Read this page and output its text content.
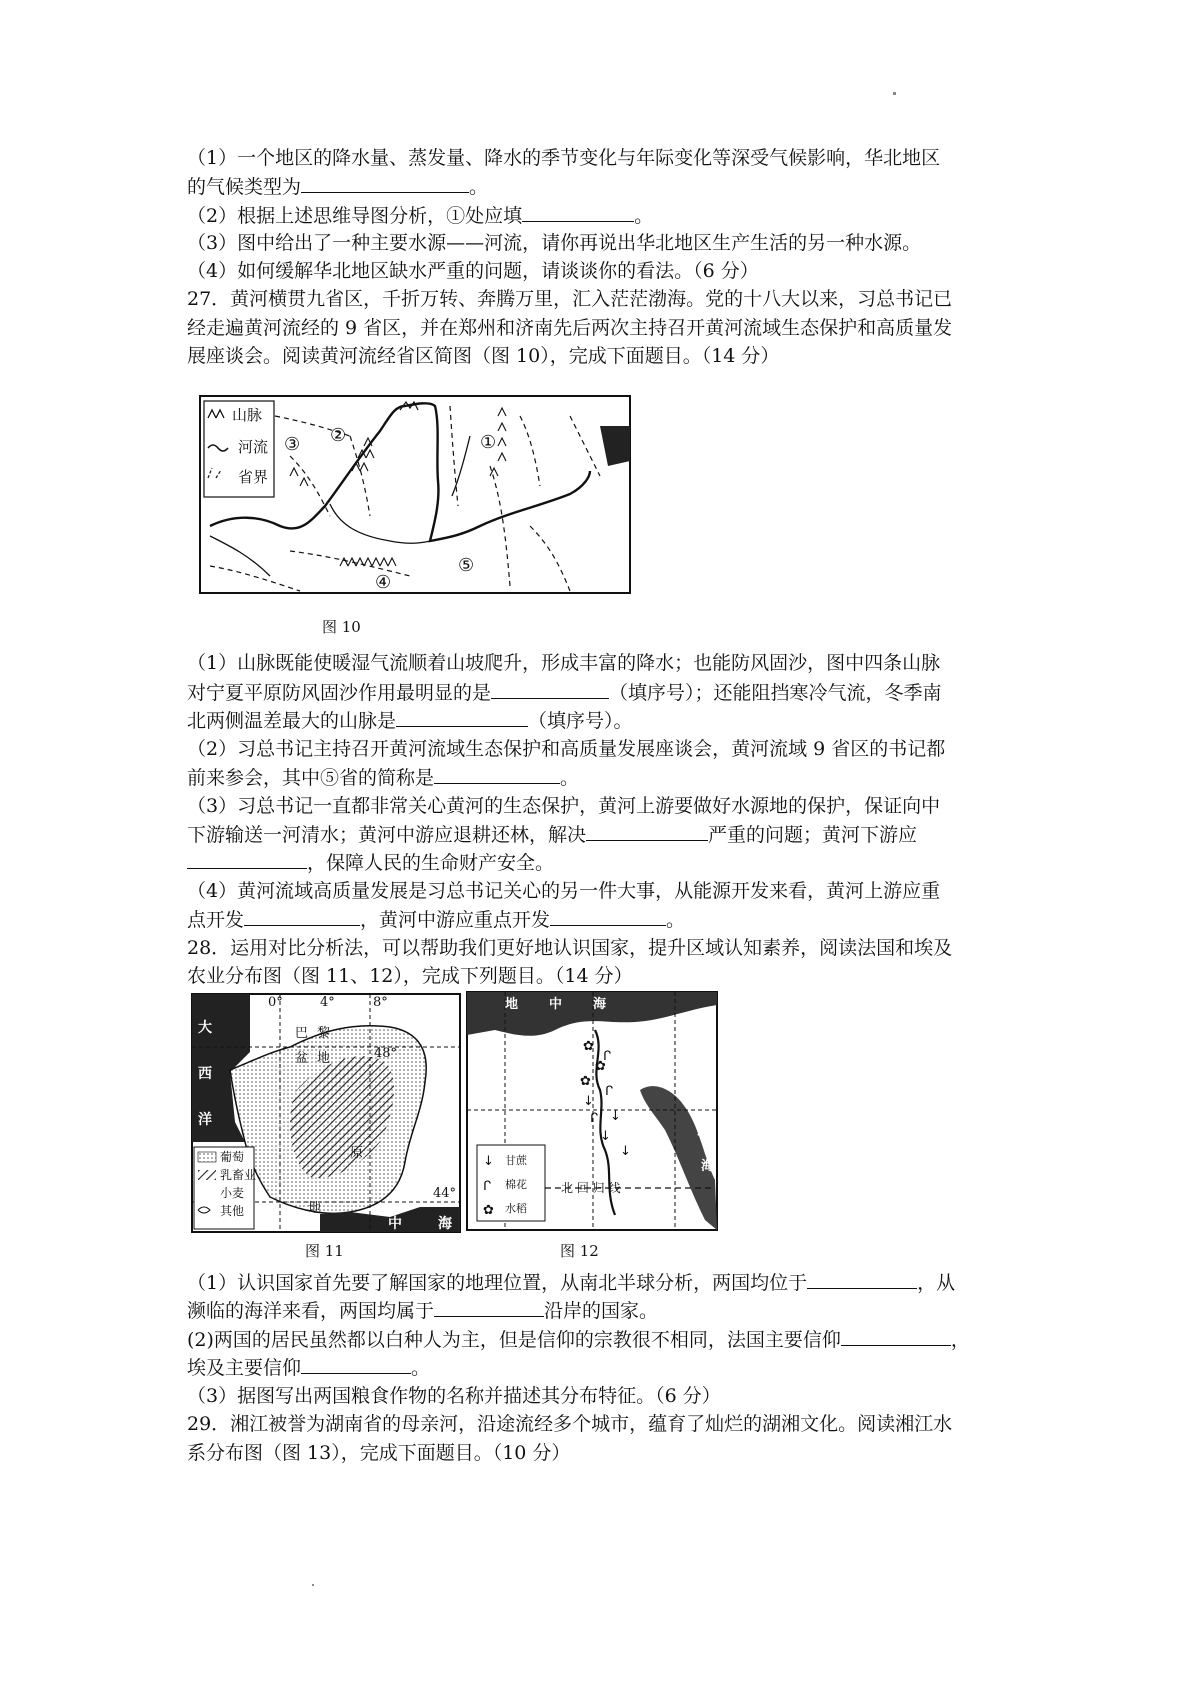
（1）一个地区的降水量、蒸发量、降水的季节变化与年际变化等深受气候影响，华北地区
的气候类型为	。
（2）根据上述思维导图分析，①处应填	。
（3）图中给出了一种主要水源——河流，请你再说出华北地区生产生活的另一种水源。
（4）如何缓解华北地区缺水严重的问题，请谈谈你的看法。（6 分）
27．黄河横贯九省区，千折万转、奔腾万里，汇入茫茫渤海。党的十八大以来，习总书记已
经走遍黄河流经的 9 省区，并在郑州和济南先后两次主持召开黄河流域生态保护和高质量发
展座谈会。阅读黄河流经省区简图（图 10），完成下面题目。（14 分）
①
②
③
④
⑤
山脉
河流
省界
图 10
（1）山脉既能使暖湿气流顺着山坡爬升，形成丰富的降水；也能防风固沙，图中四条山脉
对宁夏平原防风固沙作用最明显的是	（填序号）；还能阻挡寒冷气流，冬季南
北两侧温差最大的山脉是	（填序号）。
（2）习总书记主持召开黄河流域生态保护和高质量发展座谈会，黄河流域 9 省区的书记都
前来参会，其中⑤省的简称是	。
（3）习总书记一直都非常关心黄河的生态保护，黄河上游要做好水源地的保护，保证向中
下游输送一河清水；黄河中游应退耕还林，解决	严重的问题；黄河下游应
，保障人民的生命财产安全。
（4）黄河流域高质量发展是习总书记关心的另一件大事，从能源开发来看，黄河上游应重
点开发	，黄河中游应重点开发	。
28．运用对比分析法，可以帮助我们更好地认识国家，提升区域认知素养，阅读法国和埃及
农业分布图（图 11、12），完成下列题目。（14 分）
葡萄
乳畜业
小麦
其他
0°	4°	8°
48°
44°
巴 黎
盆 地
原
地
大
西
洋
中	海
图 11
✿
✿
✿
ᒋ
ᒋ
ᒋ
↓
↓
↓
↓
↓
ᒋ
✿
甘蔗
棉花
水稻
北 回 归 线
地 中 海
红
海
图 12
（1）认识国家首先要了解国家的地理位置，从南北半球分析，两国均位于	，从
濒临的海洋来看，两国均属于	沿岸的国家。
(2)两国的居民虽然都以白种人为主，但是信仰的宗教很不相同，法国主要信仰	，
埃及主要信仰	。
（3）据图写出两国粮食作物的名称并描述其分布特征。（6 分）
29．湘江被誉为湖南省的母亲河，沿途流经多个城市，蕴育了灿烂的湖湘文化。阅读湘江水
系分布图（图 13），完成下面题目。（10 分）
